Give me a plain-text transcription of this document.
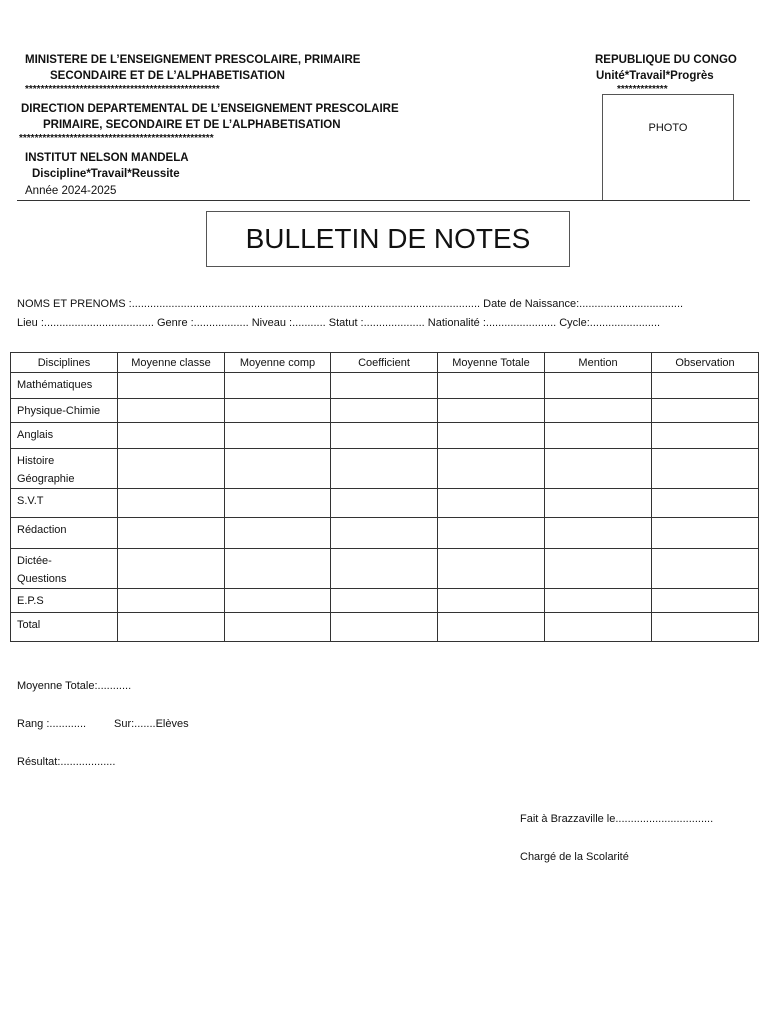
MINISTERE DE L’ENSEIGNEMENT PRESCOLAIRE, PRIMAIRE
SECONDAIRE ET DE L’ALPHABETISATION
**************************************************
DIRECTION DEPARTEMENTAL DE L’ENSEIGNEMENT PRESCOLAIRE
PRIMAIRE, SECONDAIRE ET DE L’ALPHABETISATION
**************************************************
INSTITUT NELSON MANDELA
Discipline*Travail*Reussite
Année 2024-2025
REPUBLIQUE DU CONGO
Unité*Travail*Progrès
*************
PHOTO
BULLETIN DE NOTES
NOMS ET PRENOMS :.................................................................................................................. Date de Naissance:..................................
Lieu :.................................... Genre :.................. Niveau :........... Statut :.................... Nationalité :....................... Cycle:.......................
Disciplines	Moyenne classe	Moyenne comp	Coefficient	Moyenne Totale	Mention	Observation
Mathématiques						
Physique-Chimie						
Anglais						
Histoire
Géographie						
S.V.T						
Rédaction						
Dictée-
Questions						
E.P.S						
Total						
Moyenne Totale:...........
Rang :............	Sur:.......Elèves
Résultat:..................
Fait à Brazzaville le................................
Chargé de la Scolarité
